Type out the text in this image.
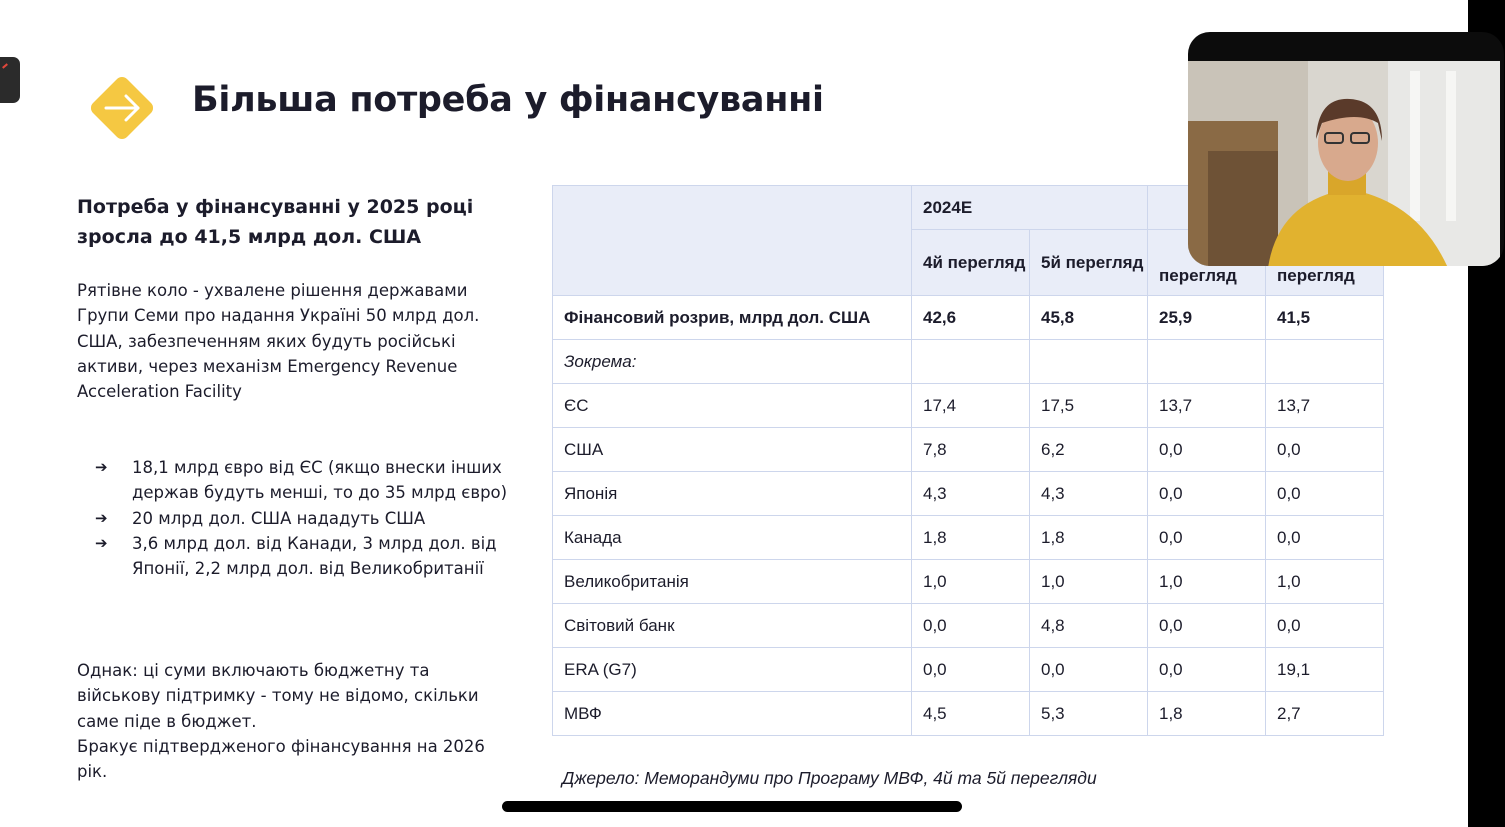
Більша потреба у фінансуванні

Потреба у фінансуванні у 2025 році зросла до 41,5 млрд дол. США

Рятівне коло - ухвалене рішення державами Групи Семи про надання Україні 50 млрд дол. США, забезпеченням яких будуть російські активи, через механізм Emergency Revenue Acceleration Facility

➔ 18,1 млрд євро від ЄС (якщо внески інших держав будуть менші, то до 35 млрд євро)
➔ 20 млрд дол. США нададуть США
➔ 3,6 млрд дол. від Канади, 3 млрд дол. від Японії, 2,2 млрд дол. від Великобританії

Однак: ці суми включають бюджетну та військову підтримку - тому не відомо, скільки саме піде в бюджет.
Бракує підтвердженого фінансування на 2026 рік.

	2024E			
	4й перегляд	5й перегляд	перегляд	перегляд
Фінансовий розрив, млрд дол. США	42,6	45,8	25,9	41,5
Зокрема:				
ЄС	17,4	17,5	13,7	13,7
США	7,8	6,2	0,0	0,0
Японія	4,3	4,3	0,0	0,0
Канада	1,8	1,8	0,0	0,0
Великобританія	1,0	1,0	1,0	1,0
Світовий банк	0,0	4,8	0,0	0,0
ERA (G7)	0,0	0,0	0,0	19,1
МВФ	4,5	5,3	1,8	2,7

Джерело: Меморандуми про Програму МВФ, 4й та 5й перегляди
